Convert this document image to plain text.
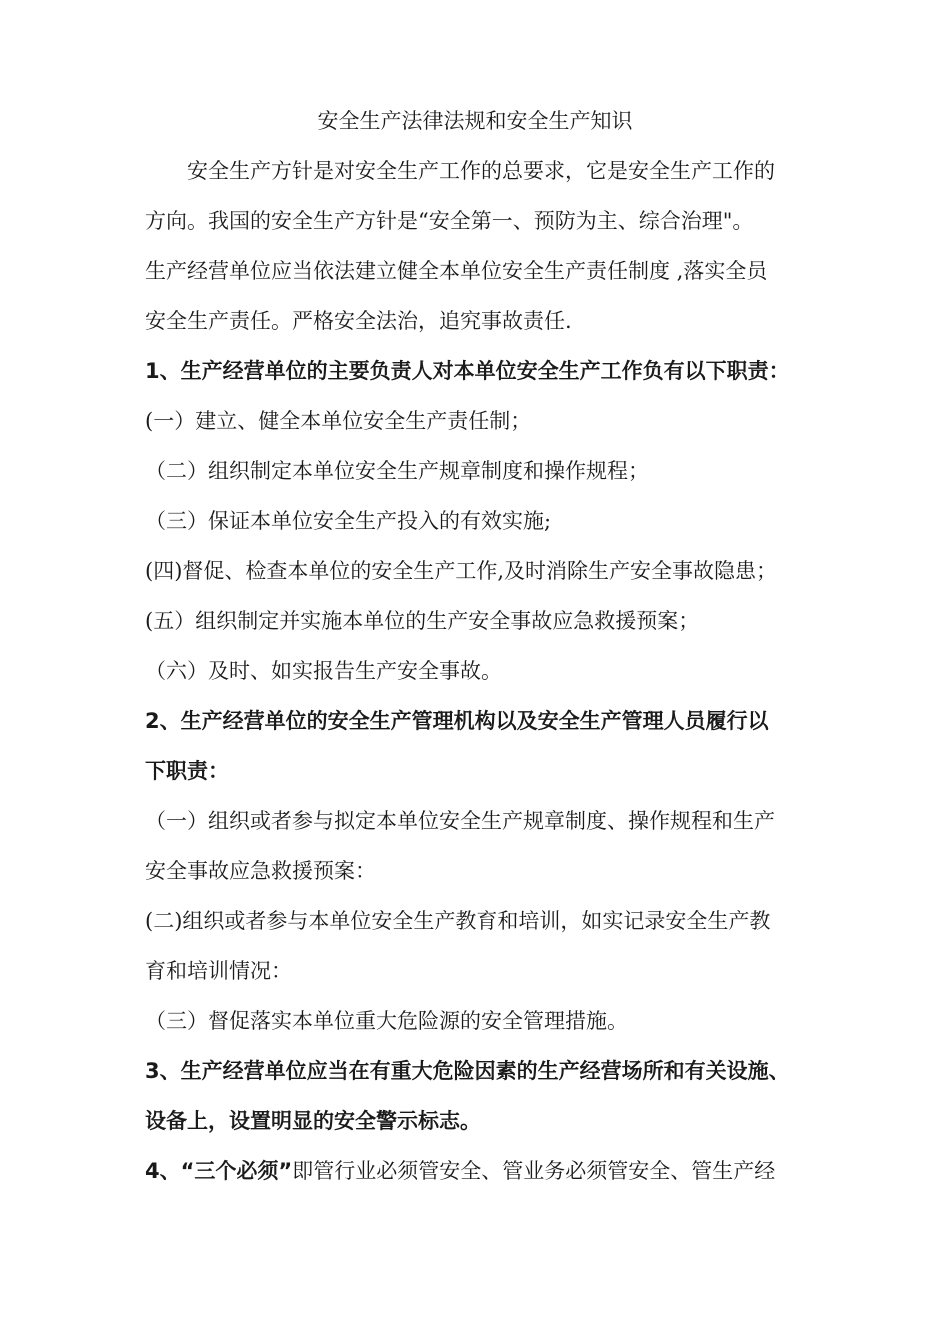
安全生产法律法规和安全生产知识
安全生产方针是对安全生产工作的总要求，它是安全生产工作的
方向。我国的安全生产方针是“安全第一、预防为主、综合治理"。
生产经营单位应当依法建立健全本单位安全生产责任制度 ,落实全员
安全生产责任。严格安全法治，追究事故责任.
1、生产经营单位的主要负责人对本单位安全生产工作负有以下职责：
(一）建立、健全本单位安全生产责任制；
（二）组织制定本单位安全生产规章制度和操作规程；
（三）保证本单位安全生产投入的有效实施;
(四)督促、检查本单位的安全生产工作,及时消除生产安全事故隐患；
(五）组织制定并实施本单位的生产安全事故应急救援预案；
（六）及时、如实报告生产安全事故。
2、生产经营单位的安全生产管理机构以及安全生产管理人员履行以
下职责：
（一）组织或者参与拟定本单位安全生产规章制度、操作规程和生产
安全事故应急救援预案：
(二)组织或者参与本单位安全生产教育和培训，如实记录安全生产教
育和培训情况：
（三）督促落实本单位重大危险源的安全管理措施。
3、生产经营单位应当在有重大危险因素的生产经营场所和有关设施、
设备上，设置明显的安全警示标志。
4、“三个必须”即管行业必须管安全、管业务必须管安全、管生产经
